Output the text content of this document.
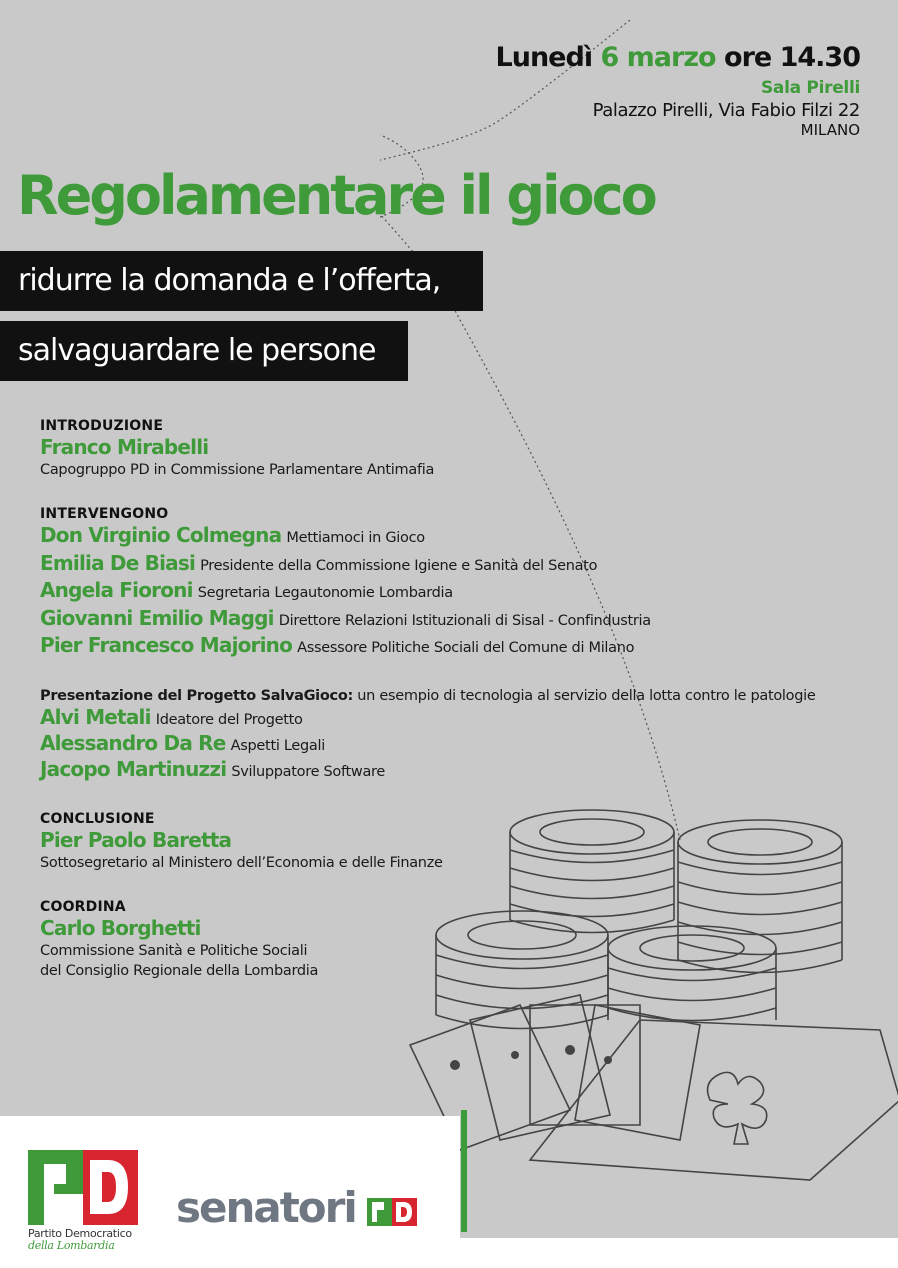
Lunedì 6 marzo ore 14.30
Sala Pirelli
Palazzo Pirelli, Via Fabio Filzi 22
MILANO
Regolamentare il gioco
ridurre la domanda e l’offerta,
salvaguardare le persone
INTRODUZIONE
Franco Mirabelli
Capogruppo PD in Commissione Parlamentare Antimafia
INTERVENGONO
Don Virginio Colmegna Mettiamoci in Gioco
Emilia De Biasi Presidente della Commissione Igiene e Sanità del Senato
Angela Fioroni Segretaria Legautonomie Lombardia
Giovanni Emilio Maggi Direttore Relazioni Istituzionali di Sisal - Confindustria
Pier Francesco Majorino Assessore Politiche Sociali del Comune di Milano
Presentazione del Progetto SalvaGioco: un esempio di tecnologia al servizio della lotta contro le patologie
Alvi Metali Ideatore del Progetto
Alessandro Da Re Aspetti Legali
Jacopo Martinuzzi Sviluppatore Software
CONCLUSIONE
Pier Paolo Baretta
Sottosegretario al Ministero dell’Economia e delle Finanze
COORDINA
Carlo Borghetti
Commissione Sanità e Politiche Sociali
del Consiglio Regionale della Lombardia
Partito Democratico
della Lombardia
senatori
